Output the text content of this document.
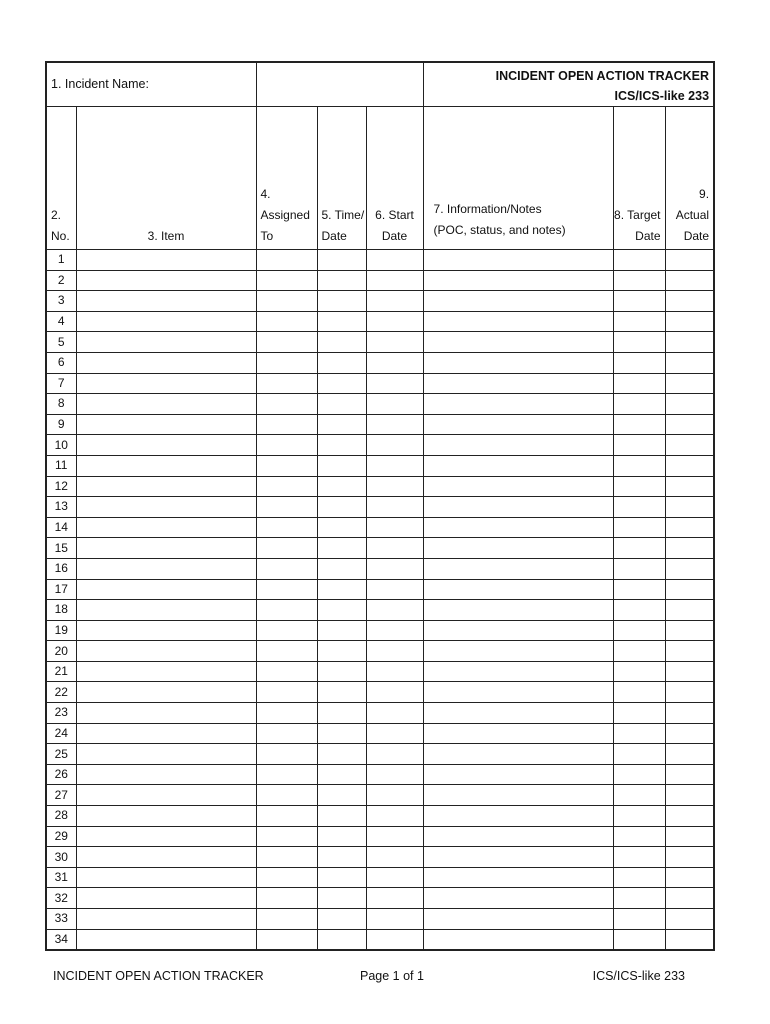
1. Incident Name:					INCIDENT OPEN ACTION TRACKER
ICS/ICS-like 233		

2. No.	3. Item	4. Assigned
To	5. Time/
Date	6. Start
Date	7. Information/Notes
(POC, status, and notes)	8. Target
Date	9. Actual
Date

1							
2							
3							
4							
5							
6							
7							
8							
9							
10							
11							
12							
13							
14							
15							
16							
17							
18							
19							
20							
21							
22							
23							
24							
25							
26							
27							
28							
29							
30							
31							
32							
33							
34							
INCIDENT OPEN ACTION TRACKER	Page 1 of 1	ICS/ICS-like 233
